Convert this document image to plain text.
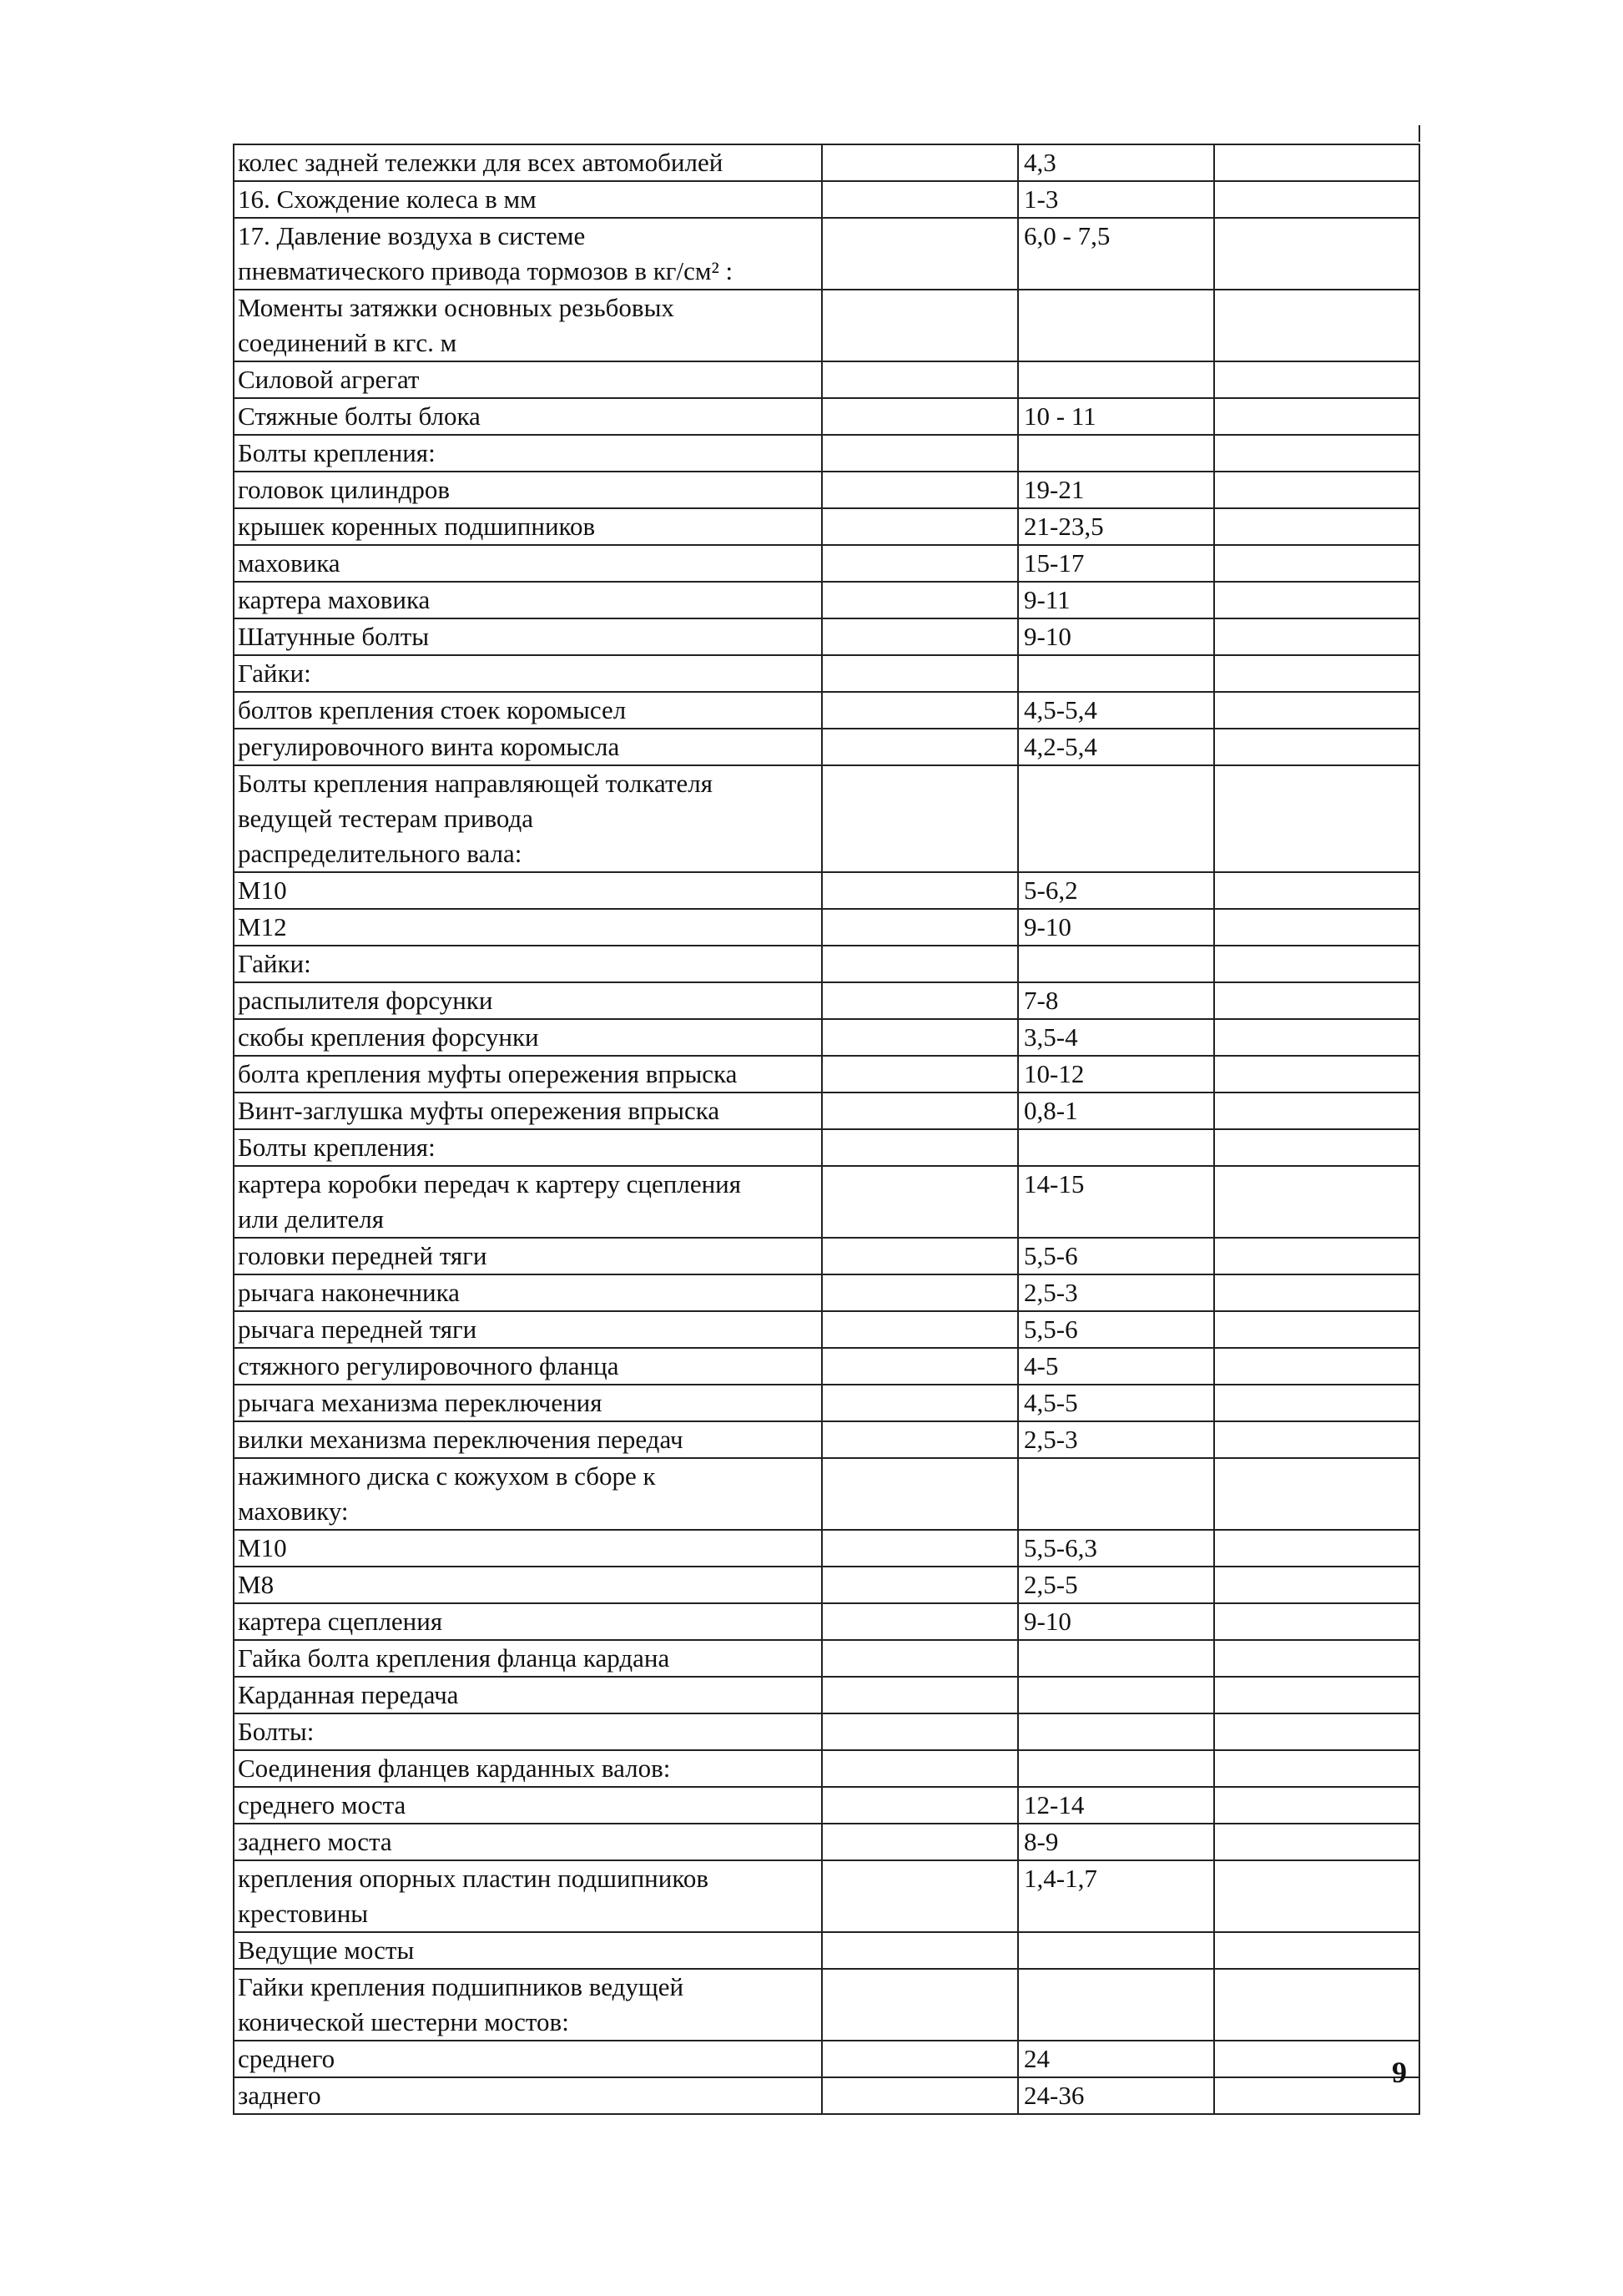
колес задней тележки для всех автомобилей		4,3	
16. Схождение колеса в мм		1-3	
17. Давление воздуха в системе
пневматического привода тормозов в кг/см² :		6,0 - 7,5	
Моменты затяжки основных резьбовых
соединений в кгс. м			
Силовой агрегат			
Стяжные болты блока		10 - 11	
Болты крепления:			
головок цилиндров		19-21	
крышек коренных подшипников		21-23,5	
маховика		15-17	
картера маховика		9-11	
Шатунные болты		9-10	
Гайки:			
болтов крепления стоек коромысел		4,5-5,4	
регулировочного винта коромысла		4,2-5,4	
Болты крепления направляющей толкателя
ведущей тестерам привода
распределительного вала:			
М10		5-6,2	
М12		9-10	
Гайки:			
распылителя форсунки		7-8	
скобы крепления форсунки		3,5-4	
болта крепления муфты опережения впрыска		10-12	
Винт-заглушка муфты опережения впрыска		0,8-1	
Болты крепления:			
картера коробки передач к картеру сцепления
или делителя		14-15	
головки передней тяги		5,5-6	
рычага наконечника		2,5-3	
рычага передней тяги		5,5-6	
стяжного регулировочного фланца		4-5	
рычага механизма переключения		4,5-5	
вилки механизма переключения передач		2,5-3	
нажимного диска с кожухом в сборе к
маховику:			
М10		5,5-6,3	
М8		2,5-5	
картера сцепления		9-10	
Гайка болта крепления фланца кардана			
Карданная передача			
Болты:			
Соединения фланцев карданных валов:			
среднего моста		12-14	
заднего моста		8-9	
крепления опорных пластин подшипников
крестовины		1,4-1,7	
Ведущие мосты			
Гайки крепления подшипников ведущей
конической шестерни мостов:			
среднего		24	
заднего		24-36	
9
